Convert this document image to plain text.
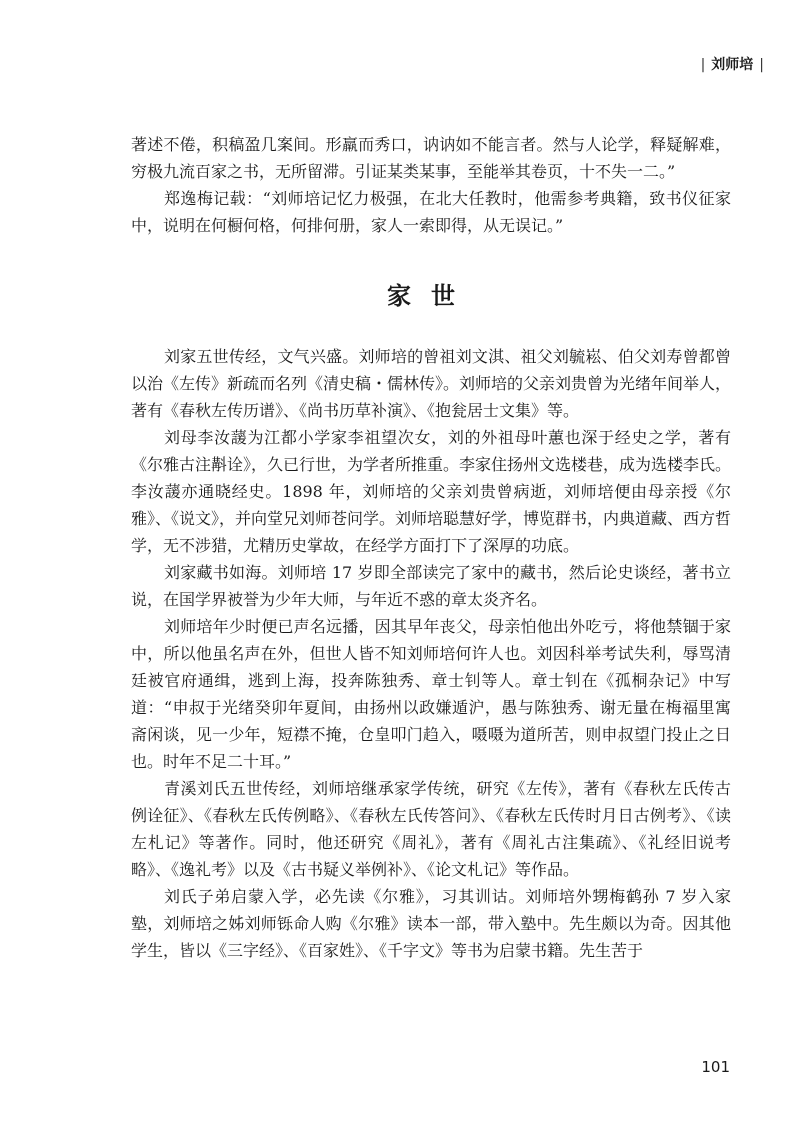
| 刘师培 |

著述不倦，积稿盈几案间。形羸而秀口，讷讷如不能言者。然与人论学，释疑解难，穷极九流百家之书，无所留滞。引证某类某事，至能举其卷页，十不失一二。”

郑逸梅记载：“刘师培记忆力极强，在北大任教时，他需参考典籍，致书仪征家中，说明在何橱何格，何排何册，家人一索即得，从无误记。”

家世

刘家五世传经，文气兴盛。刘师培的曾祖刘文淇、祖父刘毓崧、伯父刘寿曾都曾以治《左传》新疏而名列《清史稿・儒林传》。刘师培的父亲刘贵曾为光绪年间举人，著有《春秋左传历谱》、《尚书历草补演》、《抱瓮居士文集》等。

刘母李汝蘐为江都小学家李祖望次女，刘的外祖母叶蕙也深于经史之学，著有《尔雅古注斠诠》，久已行世，为学者所推重。李家住扬州文选楼巷，成为选楼李氏。李汝蘐亦通晓经史。1898 年，刘师培的父亲刘贵曾病逝，刘师培便由母亲授《尔雅》、《说文》，并向堂兄刘师苍问学。刘师培聪慧好学，博览群书，内典道藏、西方哲学，无不涉猎，尤精历史掌故，在经学方面打下了深厚的功底。

刘家藏书如海。刘师培 17 岁即全部读完了家中的藏书，然后论史谈经，著书立说，在国学界被誉为少年大师，与年近不惑的章太炎齐名。

刘师培年少时便已声名远播，因其早年丧父，母亲怕他出外吃亏，将他禁锢于家中，所以他虽名声在外，但世人皆不知刘师培何许人也。刘因科举考试失利，辱骂清廷被官府通缉，逃到上海，投奔陈独秀、章士钊等人。章士钊在《孤桐杂记》中写道：“申叔于光绪癸卯年夏间，由扬州以政嫌遁沪，愚与陈独秀、谢无量在梅福里寓斋闲谈，见一少年，短襟不掩，仓皇叩门趋入，嗫嗫为道所苦，则申叔望门投止之日也。时年不足二十耳。”

青溪刘氏五世传经，刘师培继承家学传统，研究《左传》，著有《春秋左氏传古例诠征》、《春秋左氏传例略》、《春秋左氏传答问》、《春秋左氏传时月日古例考》、《读左札记》等著作。同时，他还研究《周礼》，著有《周礼古注集疏》、《礼经旧说考略》、《逸礼考》以及《古书疑义举例补》、《论文札记》等作品。

刘氏子弟启蒙入学，必先读《尔雅》，习其训诂。刘师培外甥梅鹤孙 7 岁入家塾，刘师培之姊刘师铄命人购《尔雅》读本一部，带入塾中。先生颇以为奇。因其他学生，皆以《三字经》、《百家姓》、《千字文》等书为启蒙书籍。先生苦于

101
